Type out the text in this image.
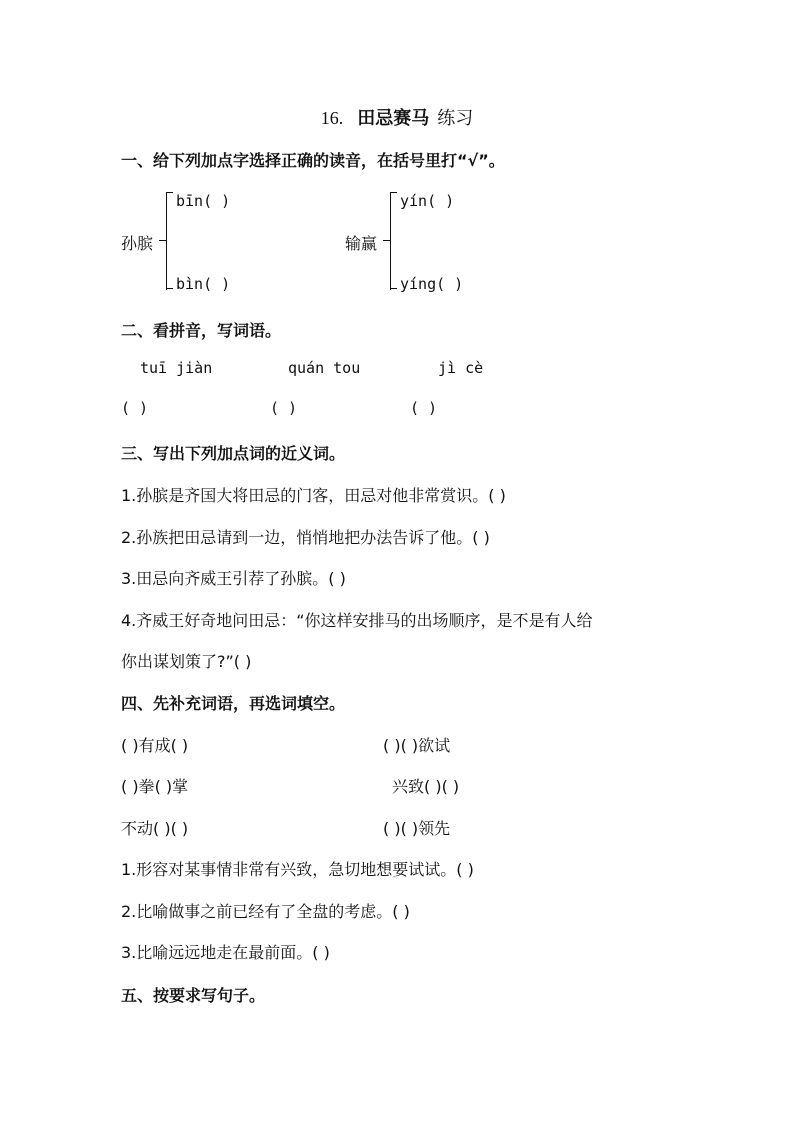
16. 田忌赛马 练习
一、给下列加点字选择正确的读音，在括号里打“√”。
孙膑
bīn( )
bìn( )
输赢
yín( )
yíng( )
二、看拼音，写词语。
tuī jiàn	quán tou	jì cè
( )	( )	( )
三、写出下列加点词的近义词。
1.孙膑是齐国大将田忌的门客，田忌对他非常赏识。( )
2.孙族把田忌请到一边，悄悄地把办法告诉了他。( )
3.田忌向齐威王引荐了孙膑。( )
4.齐威王好奇地问田忌：“你这样安排马的出场顺序，是不是有人给
你出谋划策了?”( )
四、先补充词语，再选词填空。
( )有成( )	( )( )欲试
( )拳( )掌	兴致( )( )
不动( )( )	( )( )领先
1.形容对某事情非常有兴致，急切地想要试试。( )
2.比喻做事之前已经有了全盘的考虑。( )
3.比喻远远地走在最前面。( )
五、按要求写句子。
